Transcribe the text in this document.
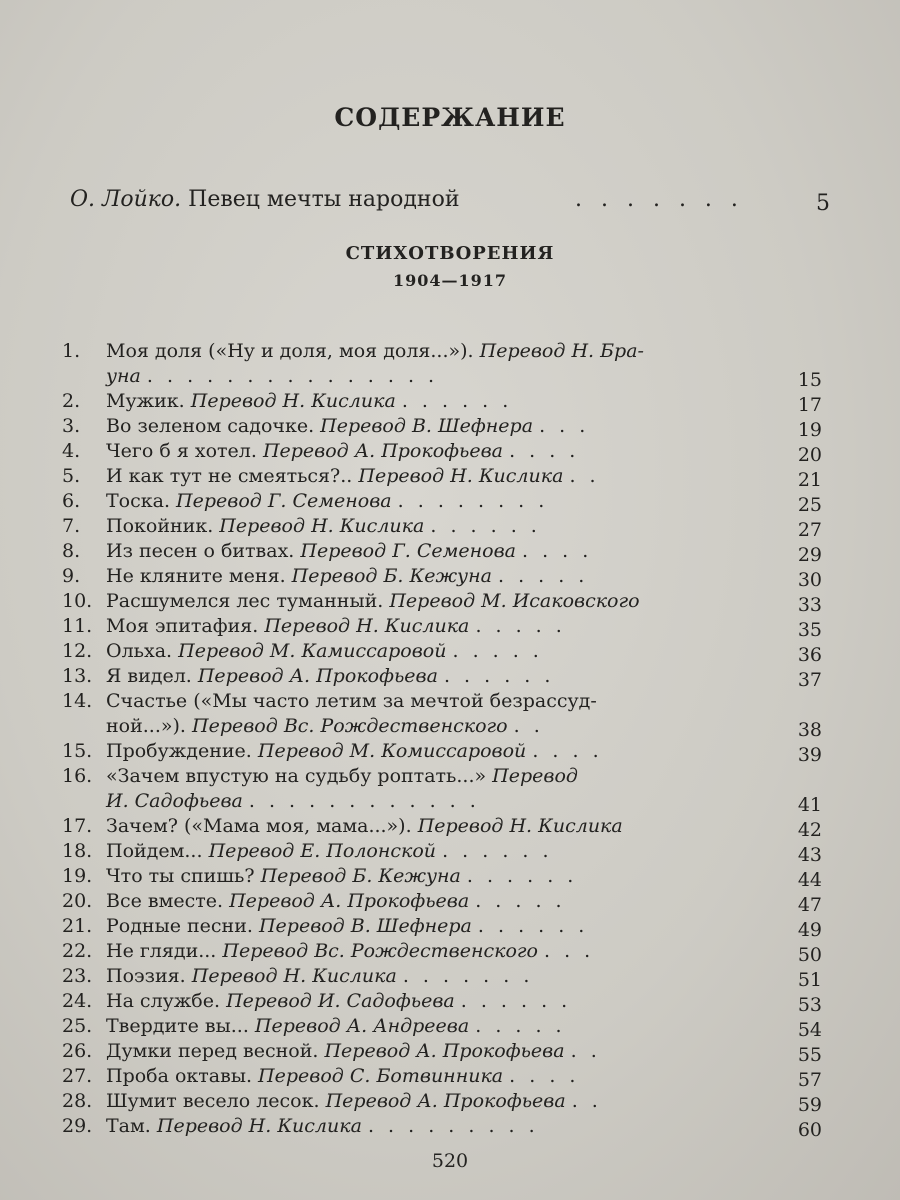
СОДЕРЖАНИЕ
О. Лойко. Певец мечты народной	. . . . . . .	5
СТИХОТВОРЕНИЯ
1904—1917
1. Моя доля («Ну и доля, моя доля...»). Перевод Н. Бра-
уна . . . . . . . . . . . . . . .	15
2. Мужик. Перевод Н. Кислика . . . . . .	17
3. Во зеленом садочке. Перевод В. Шефнера . . .	19
4. Чего б я хотел. Перевод А. Прокофьева . . . .	20
5. И как тут не смеяться?.. Перевод Н. Кислика . .	21
6. Тоска. Перевод Г. Семенова . . . . . . . .	25
7. Покойник. Перевод Н. Кислика . . . . . .	27
8. Из песен о битвах. Перевод Г. Семенова . . . .	29
9. Не кляните меня. Перевод Б. Кежуна . . . . .	30
10. Расшумелся лес туманный. Перевод М. Исаковского	33
11. Моя эпитафия. Перевод Н. Кислика . . . . .	35
12. Ольха. Перевод М. Камиссаровой . . . . .	36
13. Я видел. Перевод А. Прокофьева . . . . . .	37
14. Счастье («Мы часто летим за мечтой безрассуд-
ной...»). Перевод Вс. Рождественского . .	38
15. Пробуждение. Перевод М. Комиссаровой . . . .	39
16. «Зачем впустую на судьбу роптать...» Перевод
И. Садофьева . . . . . . . . . . . .	41
17. Зачем? («Мама моя, мама...»). Перевод Н. Кислика	42
18. Пойдем... Перевод Е. Полонской . . . . . .	43
19. Что ты спишь? Перевод Б. Кежуна . . . . . .	44
20. Все вместе. Перевод А. Прокофьева . . . . .	47
21. Родные песни. Перевод В. Шефнера . . . . . .	49
22. Не гляди... Перевод Вс. Рождественского . . .	50
23. Поэзия. Перевод Н. Кислика . . . . . . .	51
24. На службе. Перевод И. Садофьева . . . . . .	53
25. Твердите вы... Перевод А. Андреева . . . . .	54
26. Думки перед весной. Перевод А. Прокофьева . .	55
27. Проба октавы. Перевод С. Ботвинника . . . .	57
28. Шумит весело лесок. Перевод А. Прокофьева . .	59
29. Там. Перевод Н. Кислика . . . . . . . . .	60
520
